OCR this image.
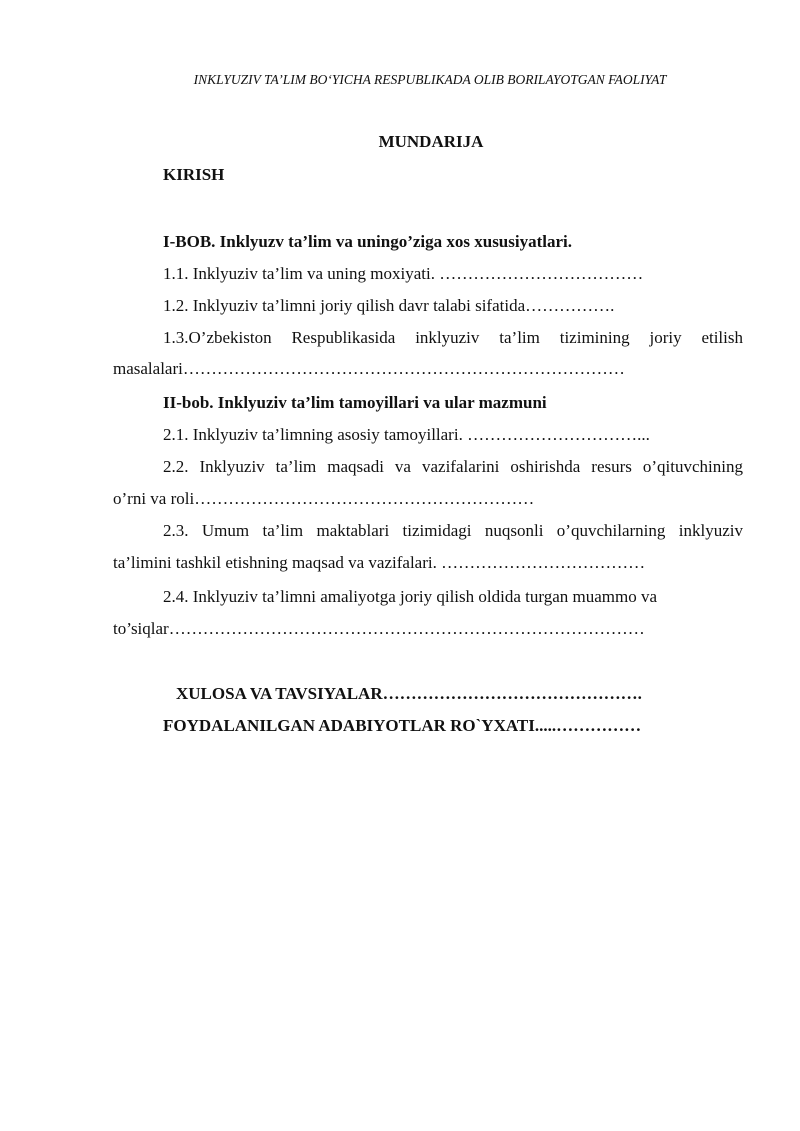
INKLYUZIV TA’LIM BO‘YICHA RESPUBLIKADA OLIB BORILAYOTGAN FAOLIYAT
MUNDARIJA
KIRISH
I-BOB. Inklyuzv ta’lim va uningo’ziga xos xususiyatlari.
1.1. Inklyuziv ta’lim va uning moxiyati. ………………………………
1.2. Inklyuziv ta’limni joriy qilish davr talabi sifatida…………….
1.3.O’zbekiston Respublikasida inklyuziv ta’lim tizimining joriy etilish
masalalari……………………………………………………………………
II-bob. Inklyuziv ta’lim tamoyillari va ular mazmuni
2.1. Inklyuziv ta’limning asosiy tamoyillari. …………………………...
2.2. Inklyuziv ta’lim maqsadi va vazifalarini oshirishda resurs o’qituvchining
o’rni va roli……………………………………………………
2.3. Umum ta’lim maktablari tizimidagi nuqsonli o’quvchilarning inklyuziv
ta’limini tashkil etishning maqsad va vazifalari. ………………………………
2.4. Inklyuziv ta’limni amaliyotga joriy qilish oldida turgan muammo va
to’siqlar…………………………………………………………………………
XULOSA VA TAVSIYALAR……………………………………….
FOYDALANILGAN ADABIYOTLAR RO`YXATI.....……………
